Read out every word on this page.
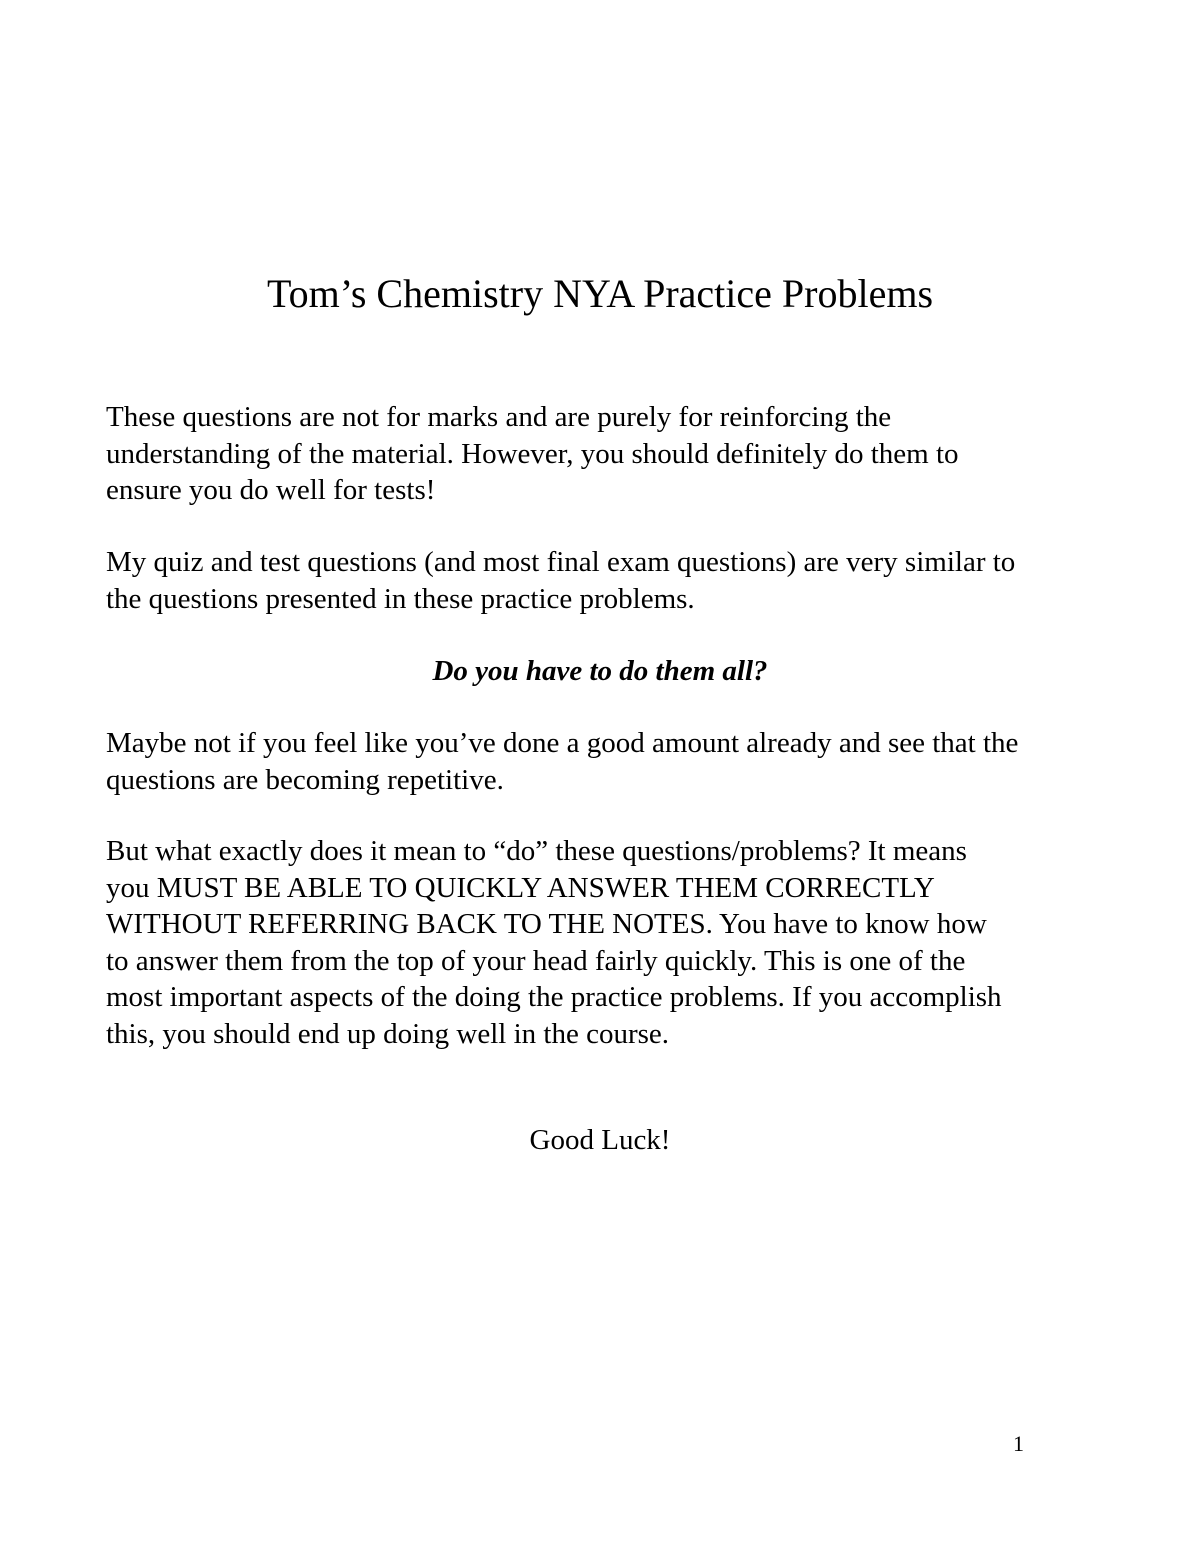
Tom’s Chemistry NYA Practice Problems

These questions are not for marks and are purely for reinforcing the
understanding of the material. However, you should definitely do them to
ensure you do well for tests!

My quiz and test questions (and most final exam questions) are very similar to
the questions presented in these practice problems.

Do you have to do them all?

Maybe not if you feel like you’ve done a good amount already and see that the
questions are becoming repetitive.

But what exactly does it mean to “do” these questions/problems? It means
you MUST BE ABLE TO QUICKLY ANSWER THEM CORRECTLY
WITHOUT REFERRING BACK TO THE NOTES. You have to know how
to answer them from the top of your head fairly quickly. This is one of the
most important aspects of the doing the practice problems. If you accomplish
this, you should end up doing well in the course.

Good Luck!

1
